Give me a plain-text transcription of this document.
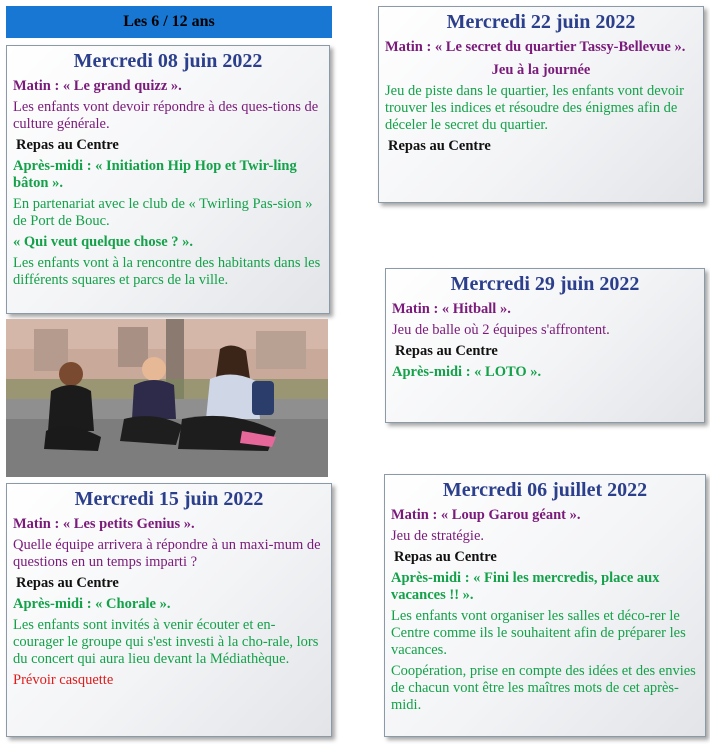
Les 6 / 12 ans
Mercredi 08 juin 2022

Matin : « Le grand quizz ».

Les enfants vont devoir répondre à des ques-tions de culture générale.

Repas au Centre

Après-midi : « Initiation Hip Hop et Twir-ling bâton ».

En partenariat avec le club de « Twirling Pas-sion » de Port de Bouc.

« Qui veut quelque chose ? ».

Les enfants vont à la rencontre des habitants dans les différents squares et parcs de la ville.

Mercredi 15 juin 2022

Matin : « Les petits Genius ».

Quelle équipe arrivera à répondre à un maxi-mum de questions en un temps imparti ?

Repas au Centre

Après-midi : « Chorale ».

Les enfants sont invités à venir écouter et en-courager le groupe qui s'est investi à la cho-rale, lors du concert qui aura lieu devant la Médiathèque.

Prévoir casquette

Mercredi 22 juin 2022

Matin : « Le secret du quartier Tassy-Bellevue ».

Jeu à la journée

Jeu de piste dans le quartier, les enfants vont devoir trouver les indices et résoudre des énigmes afin de déceler le secret du quartier.

Repas au Centre

Mercredi 29 juin 2022

Matin : « Hitball ».

Jeu de balle où 2 équipes s'affrontent.

Repas au Centre

Après-midi : « LOTO ».

Mercredi 06 juillet 2022

Matin : « Loup Garou géant ».

Jeu de stratégie.

Repas au Centre

Après-midi : « Fini les mercredis, place aux vacances !! ».

Les enfants vont organiser les salles et déco-rer le Centre comme ils le souhaitent afin de préparer les vacances.

Coopération, prise en compte des idées et des envies de chacun vont être les maîtres mots de cet après-midi.
